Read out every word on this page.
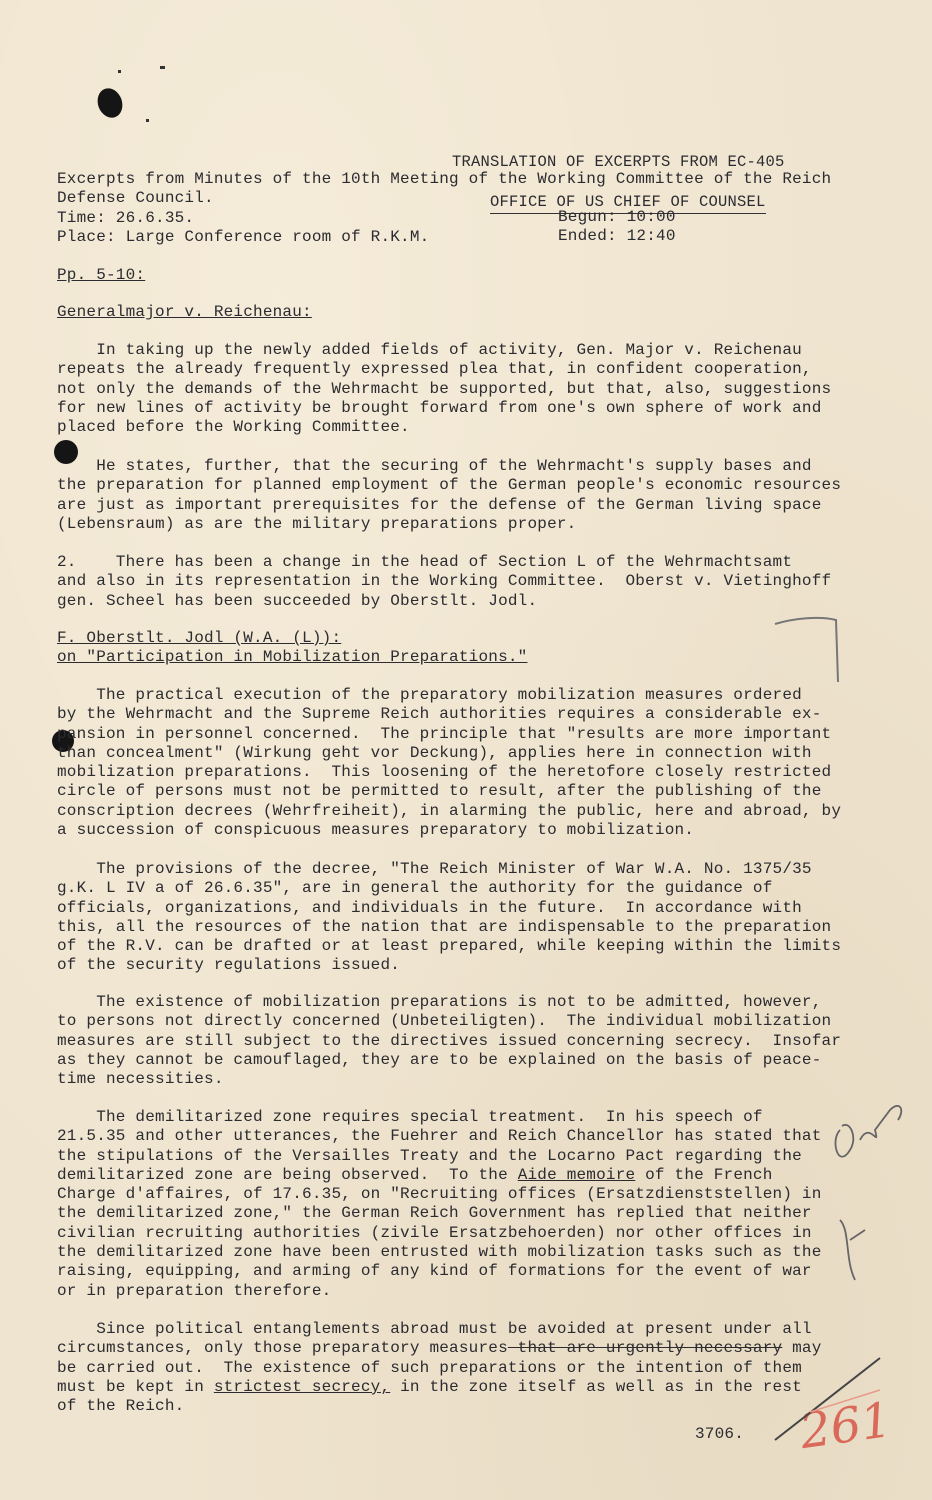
TRANSLATION OF EXCERPTS FROM EC-405

OFFICE OF US CHIEF OF COUNSEL

Excerpts from Minutes of the 10th Meeting of the Working Committee of the Reich
Defense Council.
Time: 26.6.35.
Place: Large Conference room of R.K.M.
Begun: 10:00
Ended: 12:40
Pp. 5-10:
Generalmajor v. Reichenau:
In taking up the newly added fields of activity, Gen. Major v. Reichenau
repeats the already frequently expressed plea that, in confident cooperation,
not only the demands of the Wehrmacht be supported, but that, also, suggestions
for new lines of activity be brought forward from one's own sphere of work and
placed before the Working Committee.
He states, further, that the securing of the Wehrmacht's supply bases and
the preparation for planned employment of the German people's economic resources
are just as important prerequisites for the defense of the German living space
(Lebensraum) as are the military preparations proper.
2.    There has been a change in the head of Section L of the Wehrmachtsamt
and also in its representation in the Working Committee.  Oberst v. Vietinghoff
gen. Scheel has been succeeded by Oberstlt. Jodl.
F. Oberstlt. Jodl (W.A. (L)):
on "Participation in Mobilization Preparations."
The practical execution of the preparatory mobilization measures ordered
by the Wehrmacht and the Supreme Reich authorities requires a considerable ex-
pansion in personnel concerned.  The principle that "results are more important
than concealment" (Wirkung geht vor Deckung), applies here in connection with
mobilization preparations.  This loosening of the heretofore closely restricted
circle of persons must not be permitted to result, after the publishing of the
conscription decrees (Wehrfreiheit), in alarming the public, here and abroad, by
a succession of conspicuous measures preparatory to mobilization.
The provisions of the decree, "The Reich Minister of War W.A. No. 1375/35
g.K. L IV a of 26.6.35", are in general the authority for the guidance of
officials, organizations, and individuals in the future.  In accordance with
this, all the resources of the nation that are indispensable to the preparation
of the R.V. can be drafted or at least prepared, while keeping within the limits
of the security regulations issued.
The existence of mobilization preparations is not to be admitted, however,
to persons not directly concerned (Unbeteiligten).  The individual mobilization
measures are still subject to the directives issued concerning secrecy.  Insofar
as they cannot be camouflaged, they are to be explained on the basis of peace-
time necessities.
The demilitarized zone requires special treatment.  In his speech of
21.5.35 and other utterances, the Fuehrer and Reich Chancellor has stated that
the stipulations of the Versailles Treaty and the Locarno Pact regarding the
demilitarized zone are being observed.  To the Aide memoire of the French
Charge d'affaires, of 17.6.35, on "Recruiting offices (Ersatzdienststellen) in
the demilitarized zone," the German Reich Government has replied that neither
civilian recruiting authorities (zivile Ersatzbehoerden) nor other offices in
the demilitarized zone have been entrusted with mobilization tasks such as the
raising, equipping, and arming of any kind of formations for the event of war
or in preparation therefore.
Since political entanglements abroad must be avoided at present under all
circumstances, only those preparatory measures that are urgently necessary may
be carried out.  The existence of such preparations or the intention of them
must be kept in strictest secrecy, in the zone itself as well as in the rest
of the Reich.
3706. 261
